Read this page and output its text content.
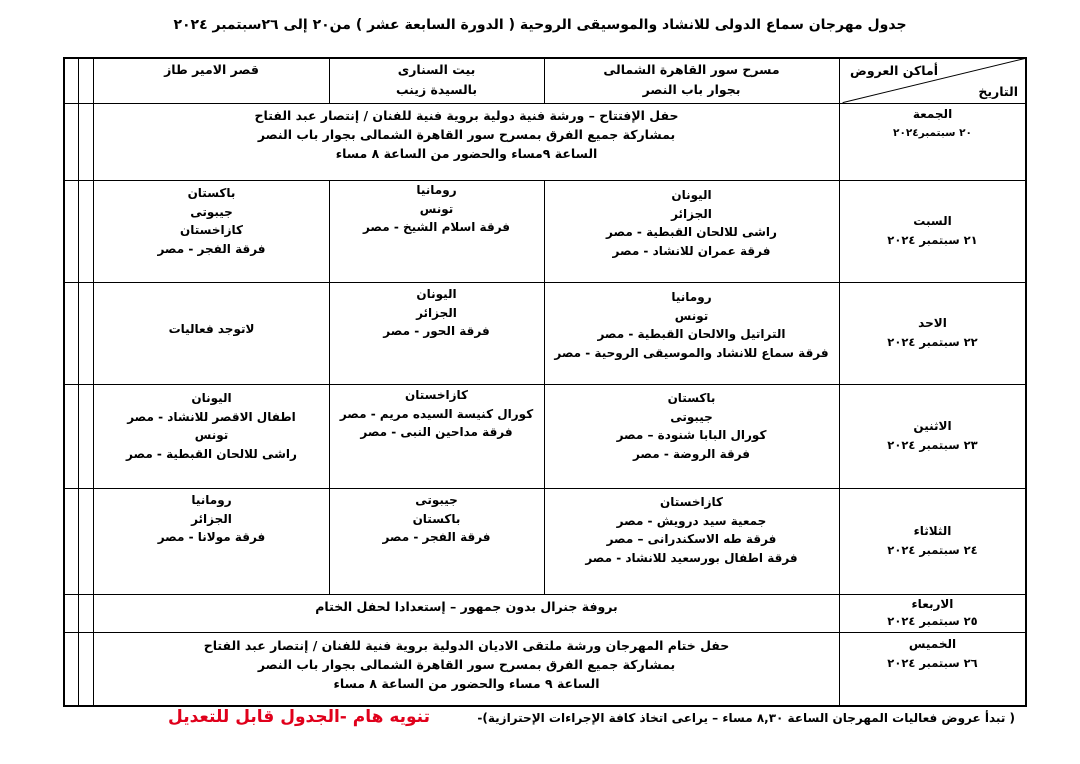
جدول مهرجان سماع الدولى للانشاد والموسيقى الروحية ( الدورة السابعة عشر ) من٢٠ إلى ٢٦سبتمبر ٢٠٢٤
قصر الامير طاز	بيت السنارى
بالسيدة زينب
مسرح سور القاهرة الشمالى
بجوار باب النصر
أماكن العروض
التاريخ
حفل الإفتتاح – ورشة فنية دولية بروية فنية للفنان / إنتصار عبد الفتاح
بمشاركة جميع الفرق بمسرح سور القاهرة الشمالى بجوار باب النصر
الساعة ٩مساء والحضور من الساعة ٨ مساء
بروفة جنرال بدون جمهور – إستعدادا لحفل الختام
حفل ختام المهرجان ورشة ملتقى الاديان الدولية بروية فنية للفنان / إنتصار عبد الفتاح
بمشاركة جميع الفرق بمسرح سور القاهرة الشمالى بجوار باب النصر
الساعة ٩ مساء والحضور من الساعة ٨ مساء
الجمعة
٢٠ سبتمبر٢٠٢٤
السبت
٢١ سبتمبر ٢٠٢٤
الاحد
٢٢ سبتمبر ٢٠٢٤
الاثنين
٢٣ سبتمبر ٢٠٢٤
الثلاثاء
٢٤ سبتمبر ٢٠٢٤
الاربعاء
٢٥ سبتمبر ٢٠٢٤
الخميس
٢٦ سبتمبر ٢٠٢٤
اليونان
الجزائر
راشى للالحان القبطية - مصر
فرقة عمران للانشاد - مصر
رومانيا
تونس
فرقة اسلام الشيخ - مصر
باكستان
جيبوتى
كازاخستان
فرقة الفجر - مصر
رومانيا
تونس
التراتيل والالحان القبطية - مصر
فرقة سماع للانشاد والموسيقى الروحية - مصر
اليونان
الجزائر
فرقة الحور - مصر
لاتوجد فعاليات
باكستان
جيبوتى
كورال البابا شنودة – مصر
فرقة الروضة - مصر
كازاخستان
كورال كنيسة السيده مريم - مصر
فرقة مداحين النبى - مصر
اليونان
اطفال الاقصر للانشاد - مصر
تونس
راشى للالحان القبطية - مصر
كازاخستان
جمعية سيد درويش - مصر
فرقة طه الاسكندرانى – مصر
فرقة اطفال بورسعيد للانشاد - مصر
جيبوتى
باكستان
فرقة الفجر - مصر
رومانيا
الجزائر
فرقة مولانا - مصر
( تبدأ عروض فعاليات المهرجان الساعة ٨,٣٠ مساء – يراعى اتخاذ كافة الإجراءات الإحترازية)-
تنويه هام -الجدول قابل للتعديل
